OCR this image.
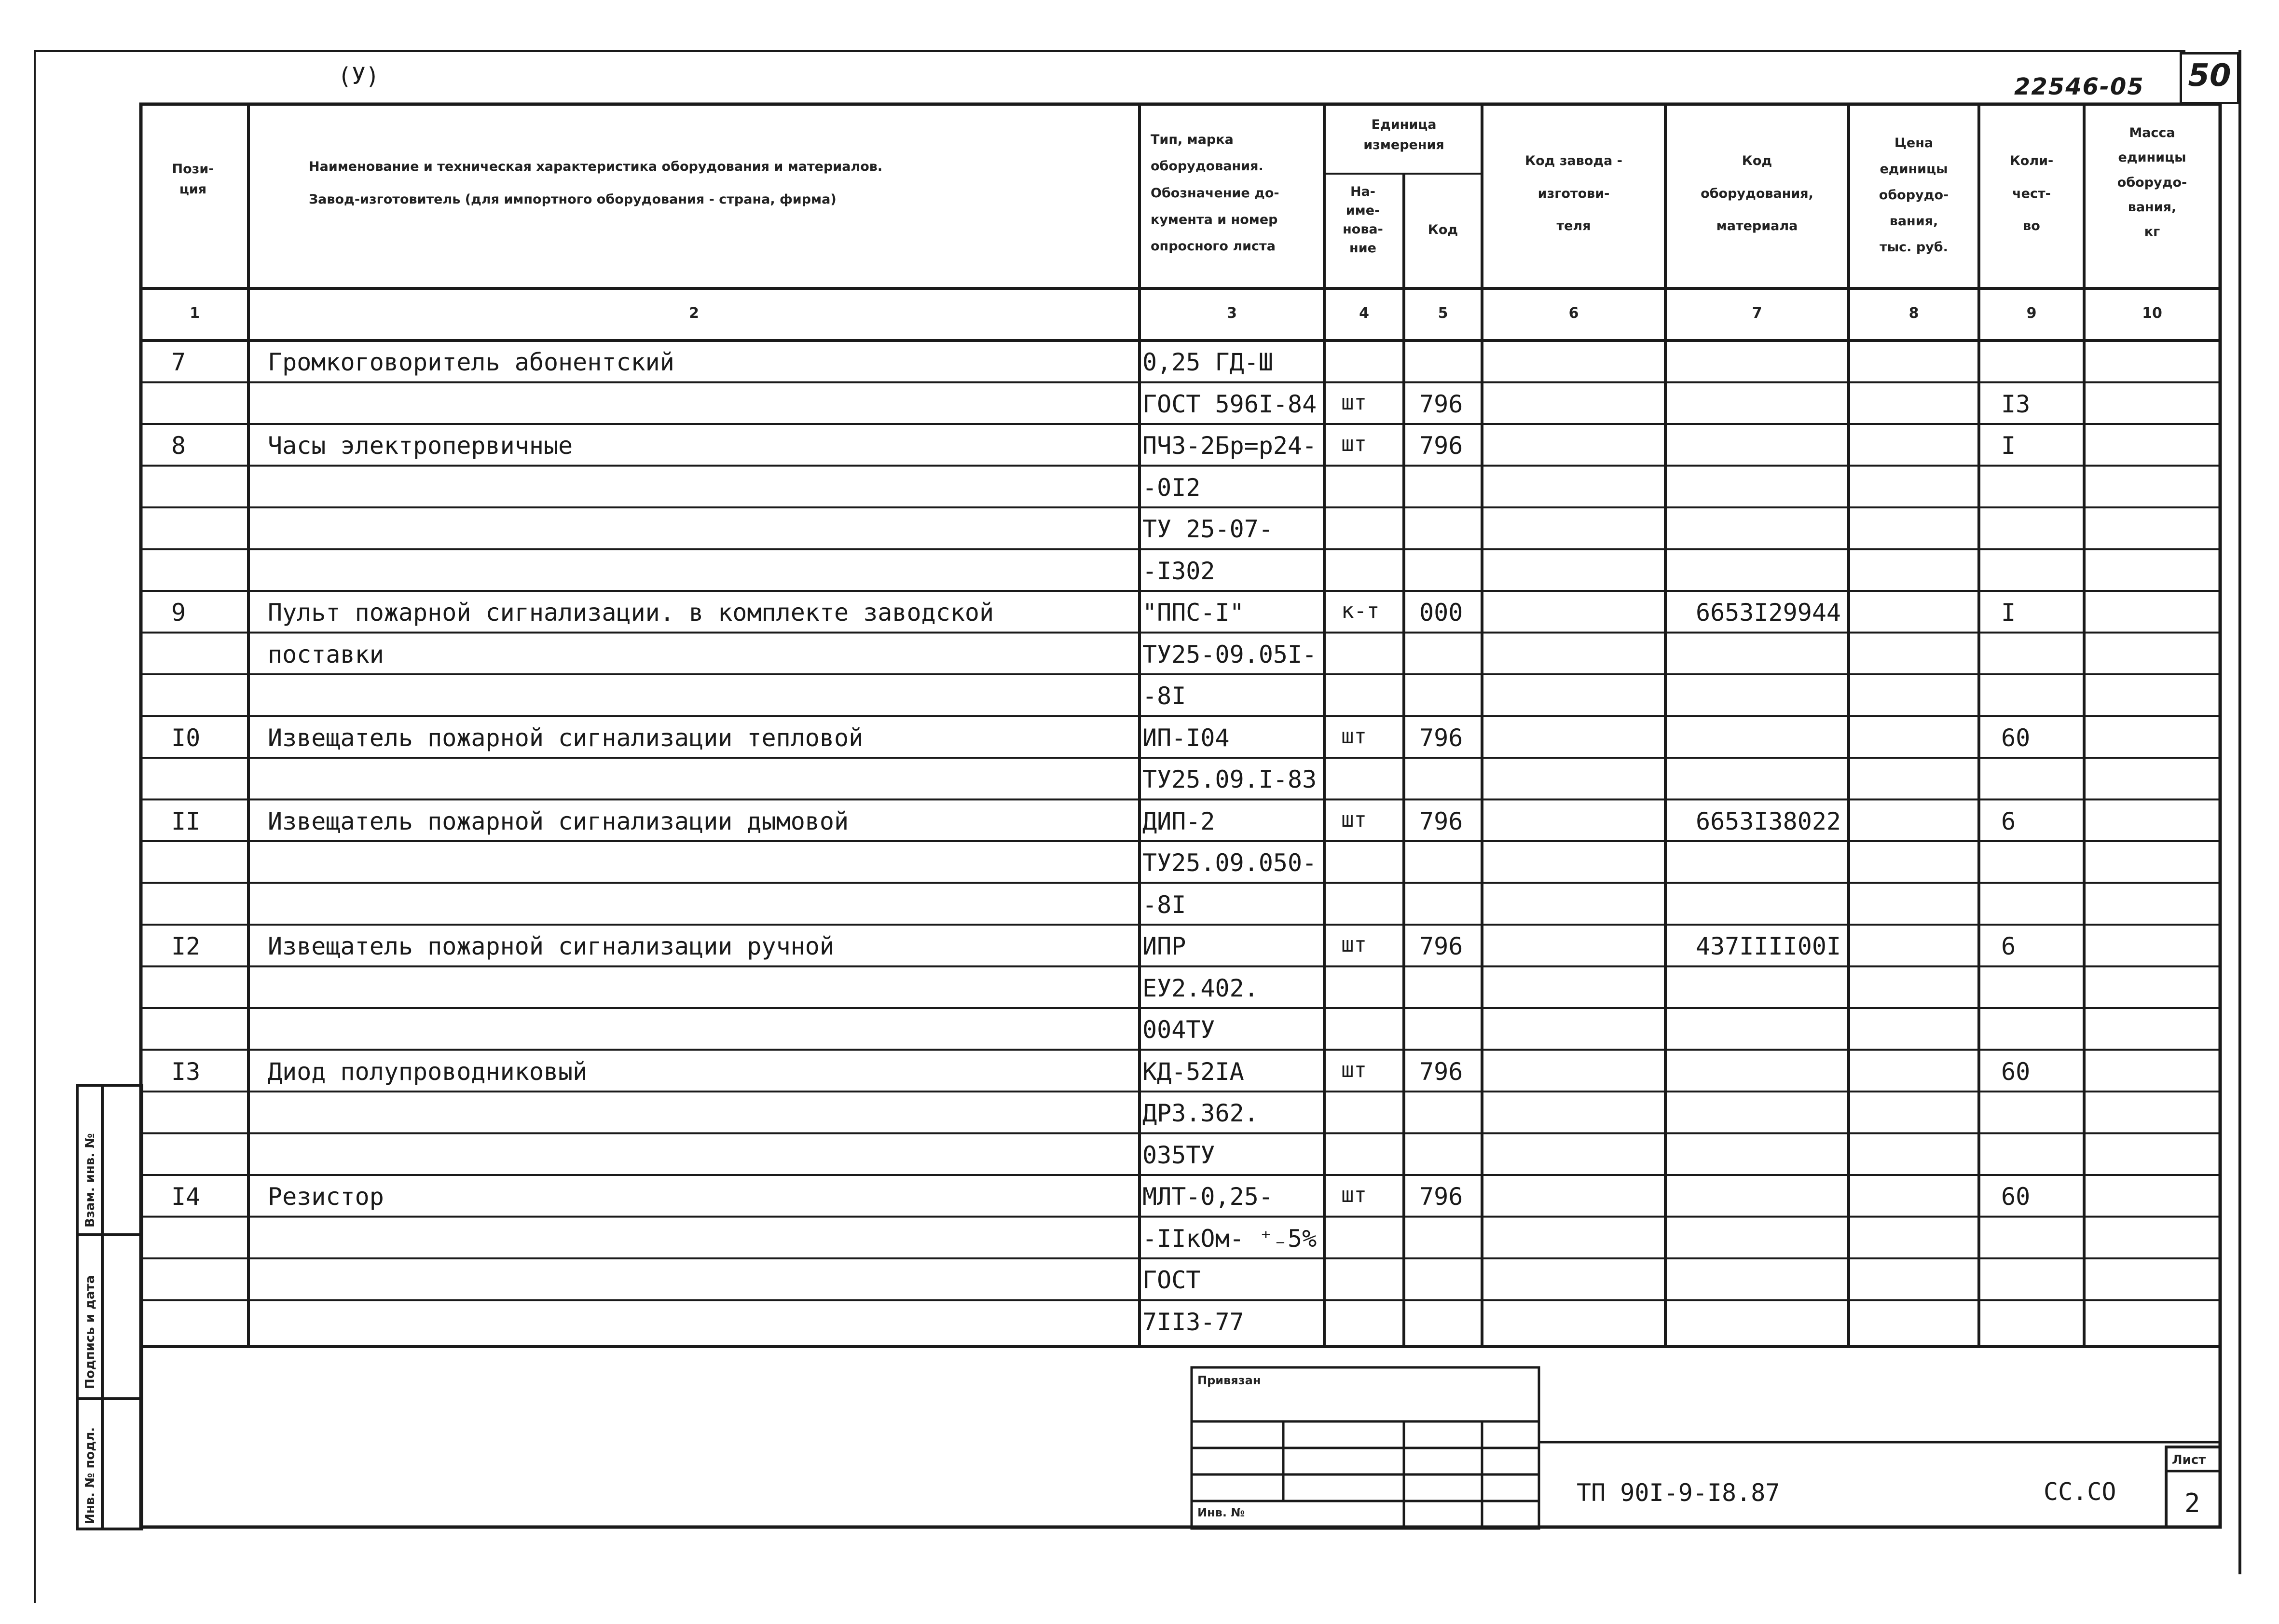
(У)	22546-05 50
Пози-
ция
Наименование и техническая характеристика оборудования и материалов.
Завод-изготовитель (для импортного оборудования - страна, фирма)
Тип, марка
оборудования.
Обозначение до-
кумента и номер
опросного листа
Единица
измерения
На-
име-
нова-
ние
Код
Код завода -
изготови-
теля
Код
оборудования,
материала
Цена
единицы
оборудо-
вания,
тыс. руб.
Коли-
чест-
во
Масса
единицы
оборудо-
вания,
кг
1	2	3	4	5	6	7	8	9	10
7	Громкоговоритель абонентский	0,25 ГД-Ш
ГОСТ 596I-84 шт 796	I3
8	Часы электропервичные	ПЧЗ-2Бр=р24- шт 796	I
-0I2
ТУ 25-07-
-I302
9	Пульт пожарной сигнализации. в комплекте заводской	"ППС-I"	к-т 000	6653I29944	I
поставки	ТУ25-09.05I-
-8I
I0	Извещатель пожарной сигнализации тепловой	ИП-I04	шт 796	60
ТУ25.09.I-83
II	Извещатель пожарной сигнализации дымовой	ДИП-2	шт 796	6653I38022	6
ТУ25.09.050-
-8I
I2	Извещатель пожарной сигнализации ручной	ИПР	шт 796	437IIII00I	6
ЕУ2.402.
004ТУ
I3	Диод полупроводниковый	КД-52IА	шт 796	60
ДР3.362.
035ТУ
I4	Резистор	МЛТ-0,25-	шт 796	60
-IIкОм- ⁺₋5%
ГОСТ
7II3-77
Привязан
Инв. №
ТП 90I-9-I8.87	СС.СО
Лист
2
Инв. № подл.
Подпись и дата
Взам. инв. №
